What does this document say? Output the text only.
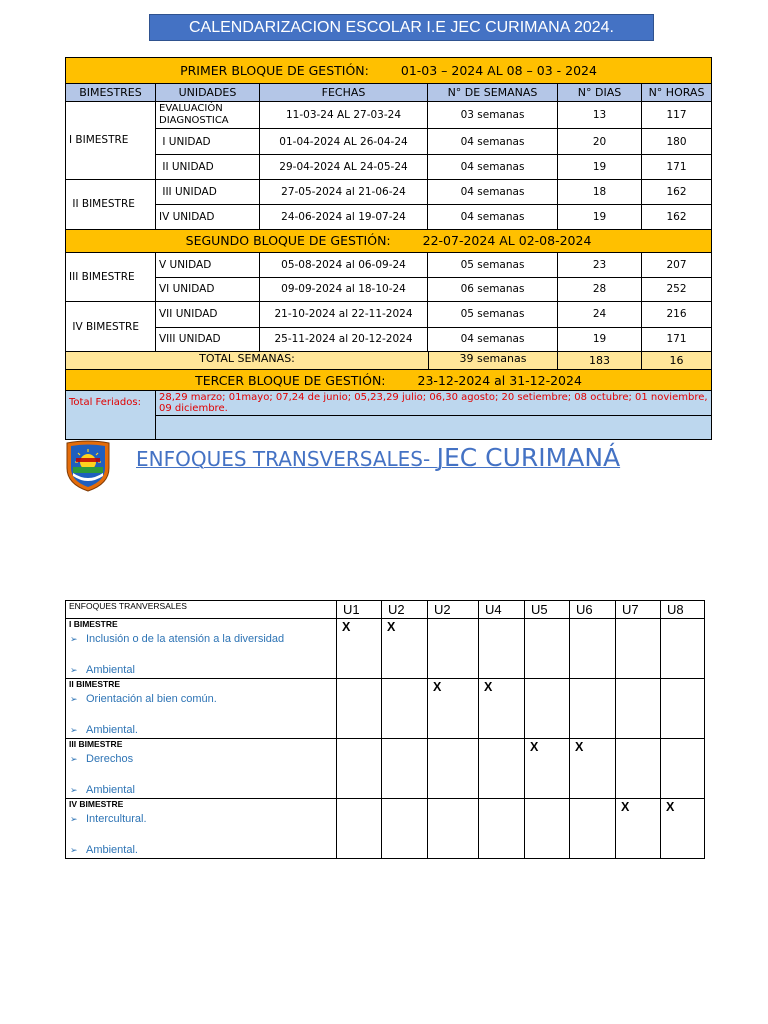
CALENDARIZACION ESCOLAR I.E JEC CURIMANA 2024.
PRIMER BLOQUE DE GESTIÓN: 01-03 – 2024 AL 08 – 03 - 2024					
BIMESTRES	UNIDADES	FECHAS	N° DE SEMANAS	N° DIAS	N° HORAS
I BIMESTRE	EVALUACIÓN DIAGNOSTICA	11-03-24 AL 27-03-24	03 semanas	13	117
	I UNIDAD	01-04-2024 AL 26-04-24	04 semanas	20	180
	II UNIDAD	29-04-2024 AL 24-05-24	04 semanas	19	171
II BIMESTRE	III UNIDAD	27-05-2024 al 21-06-24	04 semanas	18	162
	IV UNIDAD	24-06-2024 al 19-07-24	04 semanas	19	162
SEGUNDO BLOQUE DE GESTIÓN: 22-07-2024 AL 02-08-2024					
III BIMESTRE	V UNIDAD	05-08-2024 al 06-09-24	05 semanas	23	207
	VI UNIDAD	09-09-2024 al 18-10-24	06 semanas	28	252
IV BIMESTRE	VII UNIDAD	21-10-2024 al 22-11-2024	05 semanas	24	216
	VIII UNIDAD	25-11-2024 al 20-12-2024	04 semanas	19	171

TOTAL SEMANAS: 39 semanas				183	16
TERCER BLOQUE DE GESTIÓN: 23-12-2024 al 31-12-2024					
Total Feriados:	28,29 marzo; 01mayo; 07,24 de junio; 05,23,29 julio; 06,30 agosto; 20 setiembre; 08 octubre; 01 noviembre, 09 diciembre.				

ENFOQUES TRANSVERSALES- JEC CURIMANÁ
ENFOQUES TRANVERSALES	U1	U2	U2	U4	U5	U6	U7	U8

I BIMESTRE
➢ Inclusión o de la atensión a la diversidad
➢ Ambiental	X	X						

II BIMESTRE
➢ Orientación al bien común.
➢ Ambiental.			X	X				

III BIMESTRE
➢ Derechos
➢ Ambiental					X	X		

IV BIMESTRE
➢ Intercultural.
➢ Ambiental.							X	X
